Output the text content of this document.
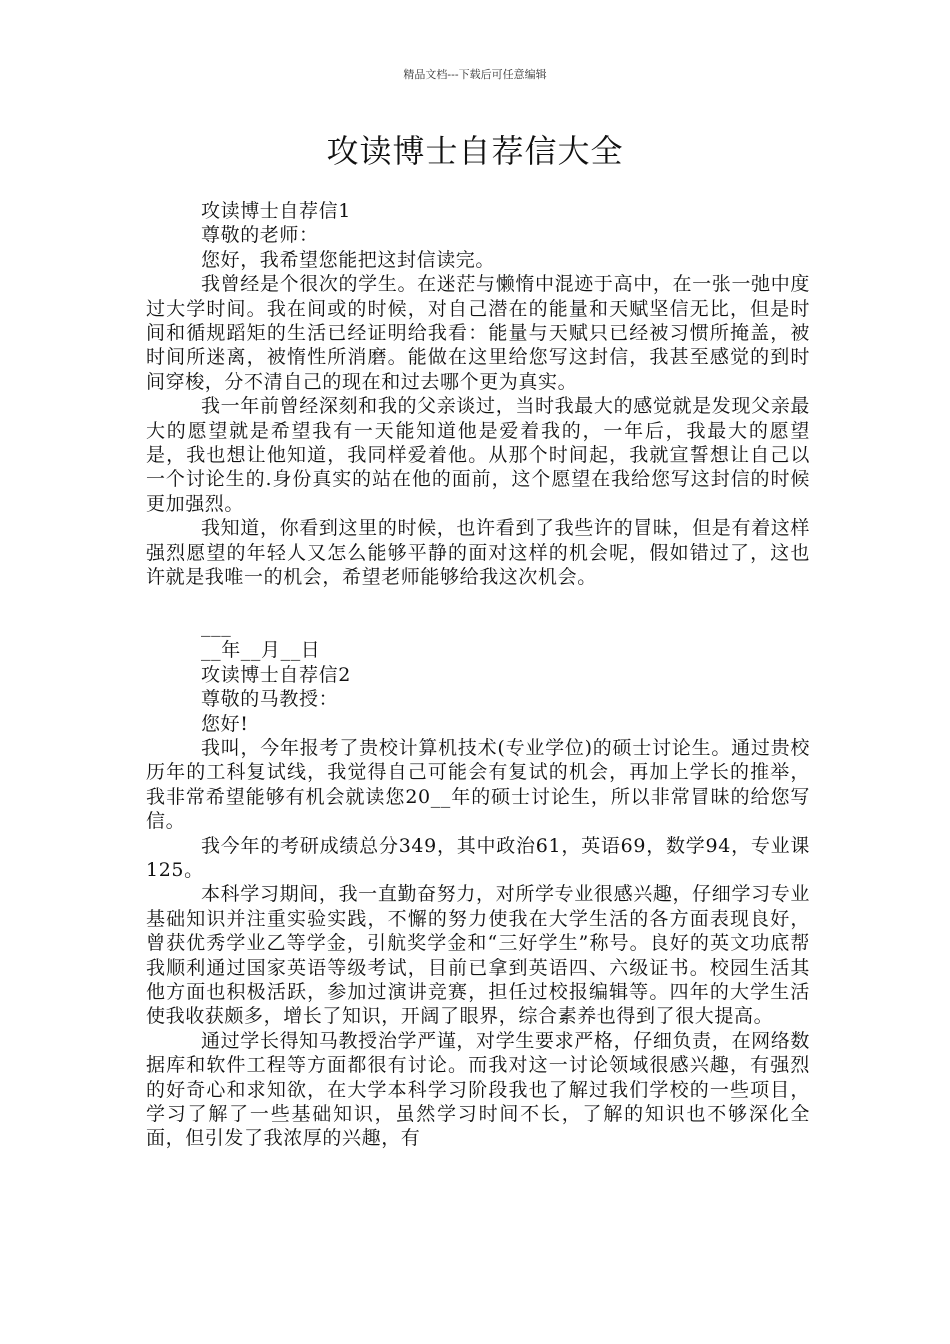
精品文档---下载后可任意编辑
攻读博士自荐信大全

攻读博士自荐信1

尊敬的老师：

您好，我希望您能把这封信读完。

我曾经是个很次的学生。在迷茫与懒惰中混迹于高中，在一张一弛中度过大学时间。我在间或的时候，对自己潜在的能量和天赋坚信无比，但是时间和循规蹈矩的生活已经证明给我看：能量与天赋只已经被习惯所掩盖，被时间所迷离，被惰性所消磨。能做在这里给您写这封信，我甚至感觉的到时间穿梭，分不清自己的现在和过去哪个更为真实。

我一年前曾经深刻和我的父亲谈过，当时我最大的感觉就是发现父亲最大的愿望就是希望我有一天能知道他是爱着我的，一年后，我最大的愿望是，我也想让他知道，我同样爱着他。从那个时间起，我就宣誓想让自己以一个讨论生的.身份真实的站在他的面前，这个愿望在我给您写这封信的时候更加强烈。

我知道，你看到这里的时候，也许看到了我些许的冒昧，但是有着这样强烈愿望的年轻人又怎么能够平静的面对这样的机会呢，假如错过了，这也许就是我唯一的机会，希望老师能够给我这次机会。

___

__年__月__日

攻读博士自荐信2

尊敬的马教授：

您好!

我叫，今年报考了贵校计算机技术(专业学位)的硕士讨论生。通过贵校历年的工科复试线，我觉得自己可能会有复试的机会，再加上学长的推举，我非常希望能够有机会就读您20__年的硕士讨论生，所以非常冒昧的给您写信。

我今年的考研成绩总分349，其中政治61，英语69，数学94，专业课125。

本科学习期间，我一直勤奋努力，对所学专业很感兴趣，仔细学习专业基础知识并注重实验实践，不懈的努力使我在大学生活的各方面表现良好，曾获优秀学业乙等学金，引航奖学金和“三好学生”称号。良好的英文功底帮我顺利通过国家英语等级考试，目前已拿到英语四、六级证书。校园生活其他方面也积极活跃，参加过演讲竞赛，担任过校报编辑等。四年的大学生活使我收获颇多，增长了知识，开阔了眼界，综合素养也得到了很大提高。

通过学长得知马教授治学严谨，对学生要求严格，仔细负责，在网络数据库和软件工程等方面都很有讨论。而我对这一讨论领域很感兴趣，有强烈的好奇心和求知欲，在大学本科学习阶段我也了解过我们学校的一些项目，学习了解了一些基础知识，虽然学习时间不长，了解的知识也不够深化全面，但引发了我浓厚的兴趣，有
